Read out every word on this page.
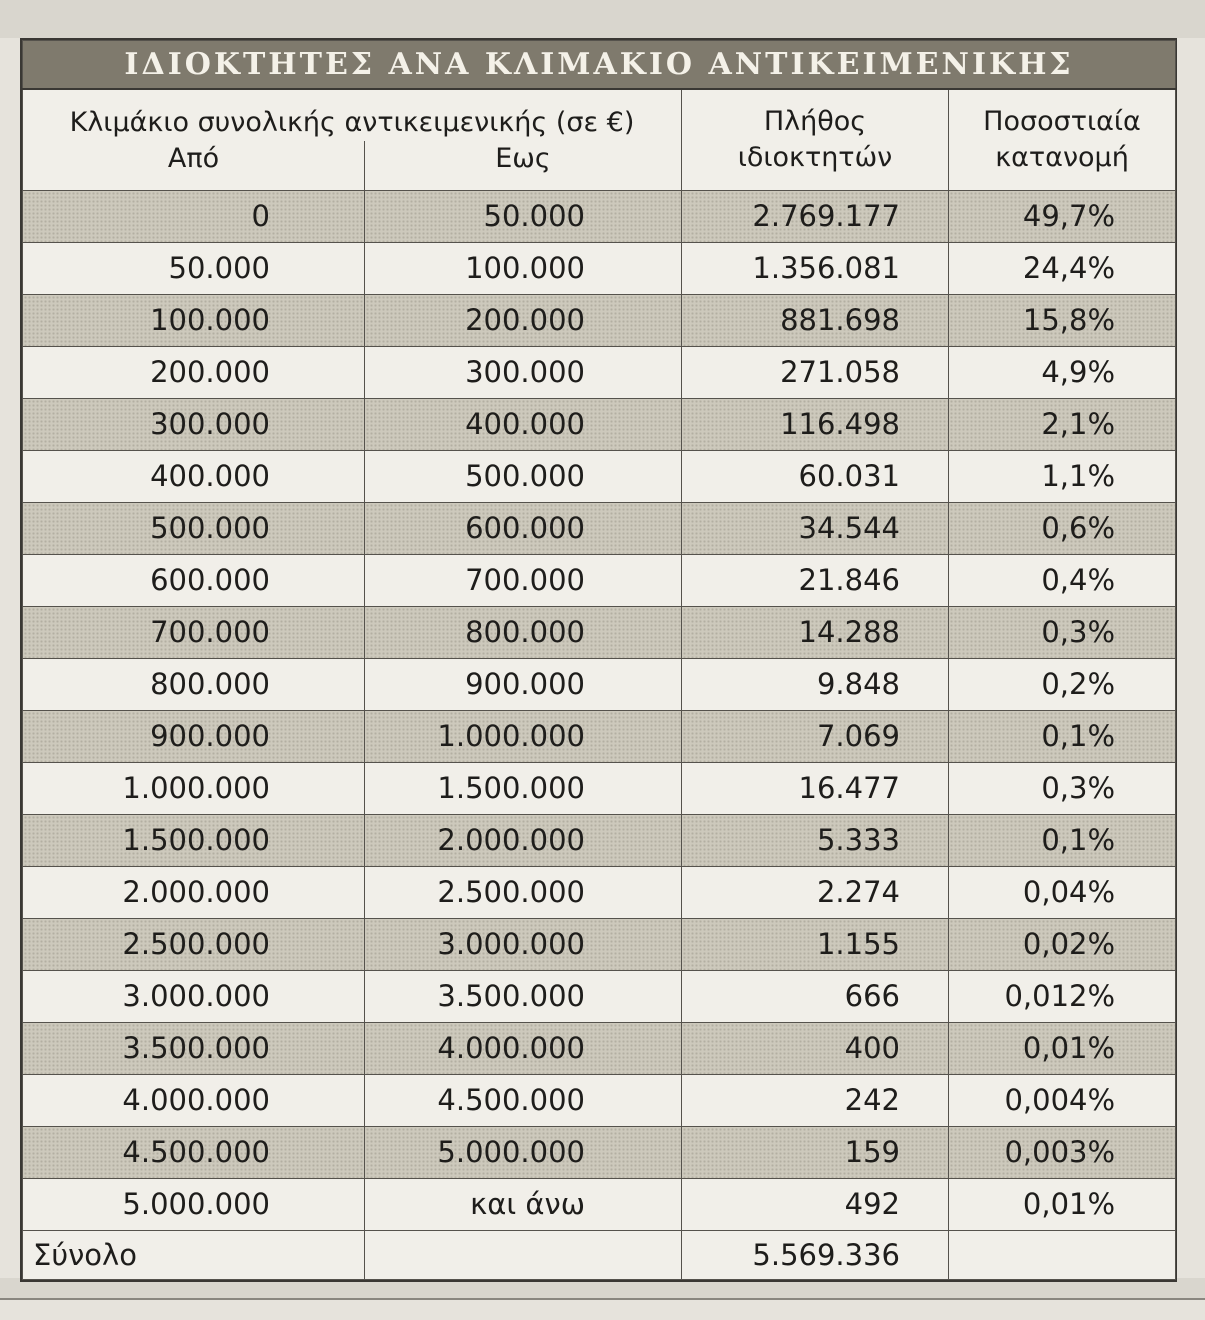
ΙΔΙΟΚΤΗΤΕΣ ΑΝΑ ΚΛΙΜΑΚΙΟ ΑΝΤΙΚΕΙΜΕΝΙΚΗΣ			
Κλιμάκιο συνολικής αντικειμενικής (σε €)		Πλήθος ιδιοκτητών	Ποσοστιαία κατανομή
Από	Εως		
0	50.000	2.769.177	49,7%
50.000	100.000	1.356.081	24,4%
100.000	200.000	881.698	15,8%
200.000	300.000	271.058	4,9%
300.000	400.000	116.498	2,1%
400.000	500.000	60.031	1,1%
500.000	600.000	34.544	0,6%
600.000	700.000	21.846	0,4%
700.000	800.000	14.288	0,3%
800.000	900.000	9.848	0,2%
900.000	1.000.000	7.069	0,1%
1.000.000	1.500.000	16.477	0,3%
1.500.000	2.000.000	5.333	0,1%
2.000.000	2.500.000	2.274	0,04%
2.500.000	3.000.000	1.155	0,02%
3.000.000	3.500.000	666	0,012%
3.500.000	4.000.000	400	0,01%
4.000.000	4.500.000	242	0,004%
4.500.000	5.000.000	159	0,003%
5.000.000	και άνω	492	0,01%
Σύνολο		5.569.336	
